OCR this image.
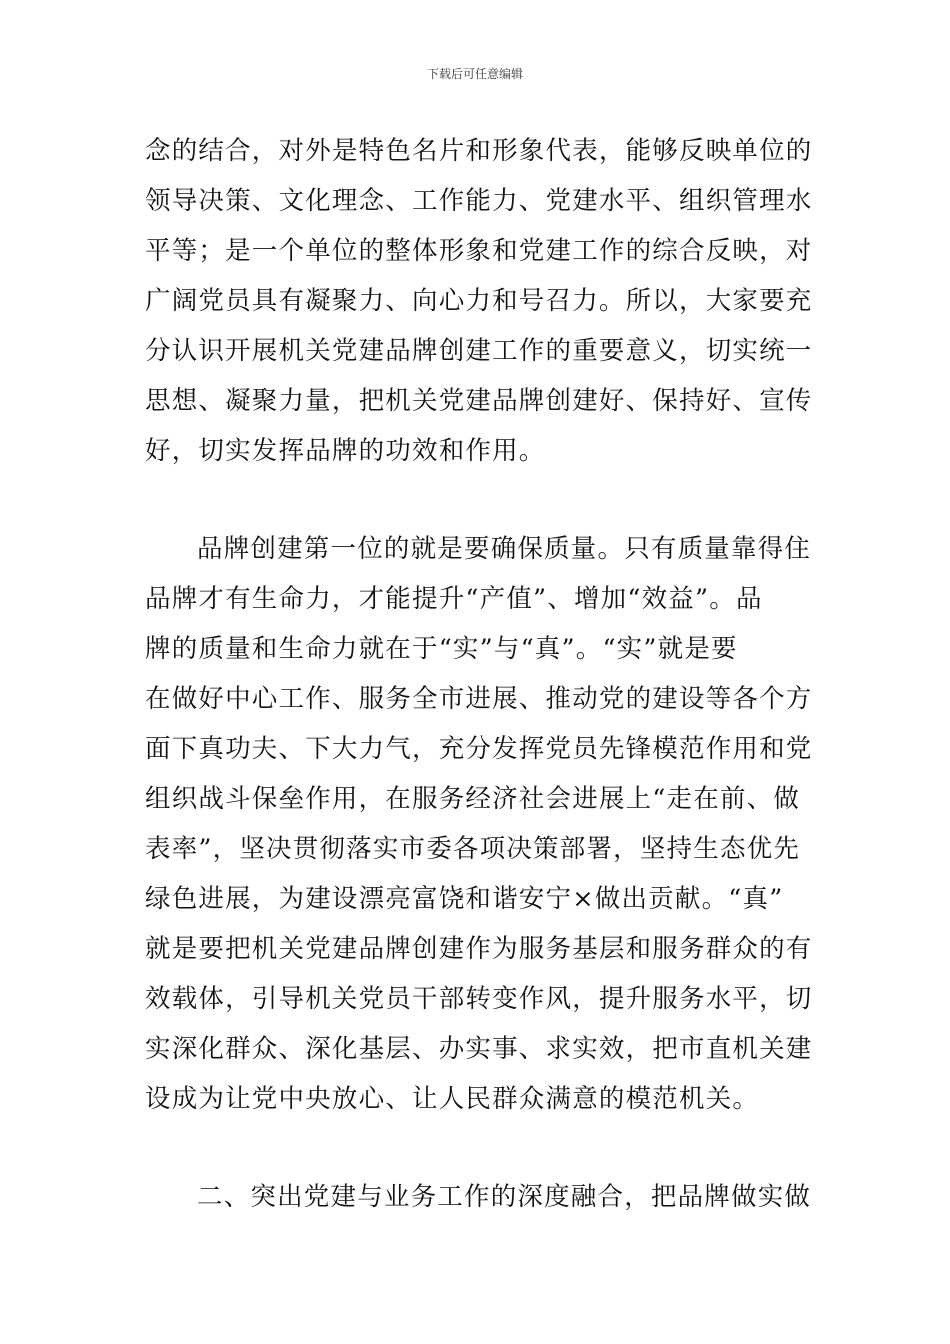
下载后可任意编辑
念的结合，对外是特色名片和形象代表，能够反映单位的
领导决策、文化理念、工作能力、党建水平、组织管理水
平等；是一个单位的整体形象和党建工作的综合反映，对
广阔党员具有凝聚力、向心力和号召力。所以，大家要充
分认识开展机关党建品牌创建工作的重要意义，切实统一
思想、凝聚力量，把机关党建品牌创建好、保持好、宣传
好，切实发挥品牌的功效和作用。
品牌创建第一位的就是要确保质量。只有质量靠得住
品牌才有生命力，才能提升“产值”、增加“效益”。品
牌的质量和生命力就在于“实”与“真”。“实”就是要
在做好中心工作、服务全市进展、推动党的建设等各个方
面下真功夫、下大力气，充分发挥党员先锋模范作用和党
组织战斗保垒作用，在服务经济社会进展上“走在前、做
表率”，坚决贯彻落实市委各项决策部署，坚持生态优先
绿色进展，为建设漂亮富饶和谐安宁×做出贡献。“真”
就是要把机关党建品牌创建作为服务基层和服务群众的有
效载体，引导机关党员干部转变作风，提升服务水平，切
实深化群众、深化基层、办实事、求实效，把市直机关建
设成为让党中央放心、让人民群众满意的模范机关。
二、突出党建与业务工作的深度融合，把品牌做实做
